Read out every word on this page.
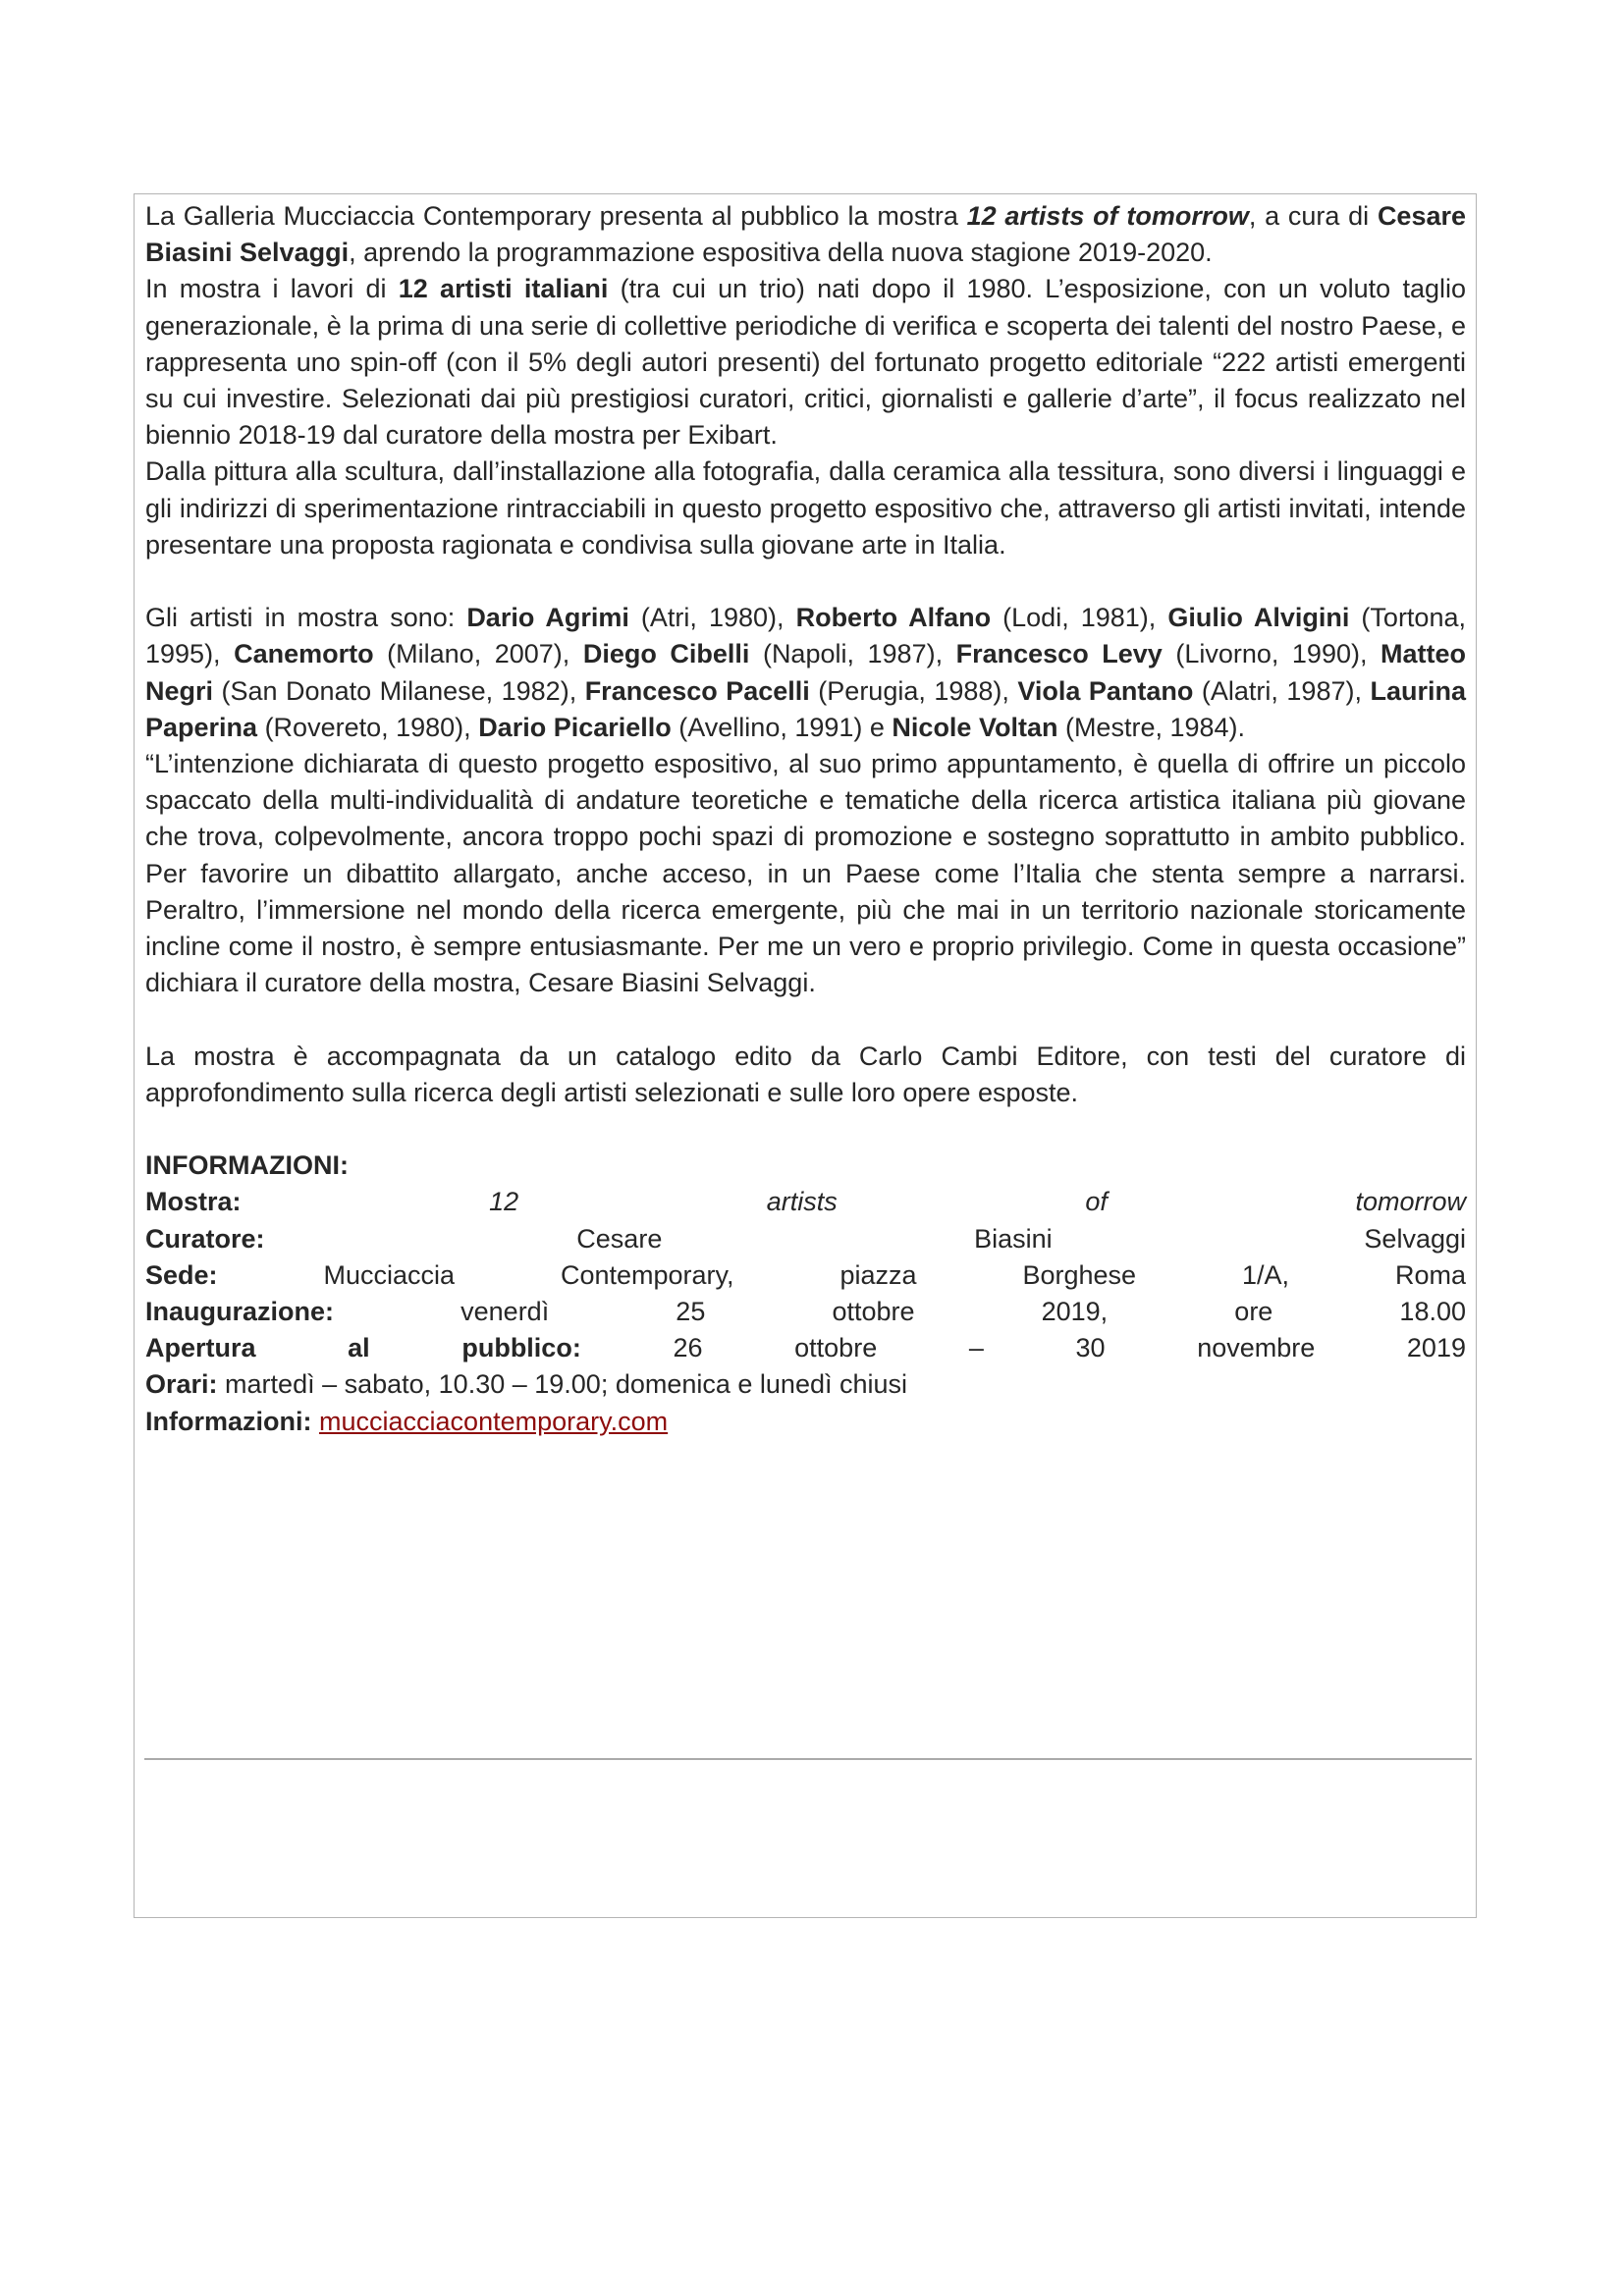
La Galleria Mucciaccia Contemporary presenta al pubblico la mostra 12 artists of tomorrow, a cura di Cesare Biasini Selvaggi, aprendo la programmazione espositiva della nuova stagione 2019-2020.

In mostra i lavori di 12 artisti italiani (tra cui un trio) nati dopo il 1980. L’esposizione, con un voluto taglio generazionale, è la prima di una serie di collettive periodiche di verifica e scoperta dei talenti del nostro Paese, e rappresenta uno spin-off (con il 5% degli autori presenti) del fortunato progetto editoriale “222 artisti emergenti su cui investire. Selezionati dai più prestigiosi curatori, critici, giornalisti e gallerie d’arte”, il focus realizzato nel biennio 2018-19 dal curatore della mostra per Exibart.

Dalla pittura alla scultura, dall’installazione alla fotografia, dalla ceramica alla tessitura, sono diversi i linguaggi e gli indirizzi di sperimentazione rintracciabili in questo progetto espositivo che, attraverso gli artisti invitati, intende presentare una proposta ragionata e condivisa sulla giovane arte in Italia.

Gli artisti in mostra sono: Dario Agrimi (Atri, 1980), Roberto Alfano (Lodi, 1981), Giulio Alvigini (Tortona, 1995), Canemorto (Milano, 2007), Diego Cibelli (Napoli, 1987), Francesco Levy (Livorno, 1990), Matteo Negri (San Donato Milanese, 1982), Francesco Pacelli (Perugia, 1988), Viola Pantano (Alatri, 1987), Laurina Paperina (Rovereto, 1980), Dario Picariello (Avellino, 1991) e Nicole Voltan (Mestre, 1984).

“L’intenzione dichiarata di questo progetto espositivo, al suo primo appuntamento, è quella di offrire un piccolo spaccato della multi-individualità di andature teoretiche e tematiche della ricerca artistica italiana più giovane che trova, colpevolmente, ancora troppo pochi spazi di promozione e sostegno soprattutto in ambito pubblico. Per favorire un dibattito allargato, anche acceso, in un Paese come l’Italia che stenta sempre a narrarsi. Peraltro, l’immersione nel mondo della ricerca emergente, più che mai in un territorio nazionale storicamente incline come il nostro, è sempre entusiasmante. Per me un vero e proprio privilegio. Come in questa occasione” dichiara il curatore della mostra, Cesare Biasini Selvaggi.

La mostra è accompagnata da un catalogo edito da Carlo Cambi Editore, con testi del curatore di approfondimento sulla ricerca degli artisti selezionati e sulle loro opere esposte.

INFORMAZIONI:

Mostra:	12 artists of tomorrow

Curatore:	Cesare Biasini Selvaggi

Sede:	Mucciaccia Contemporary, piazza Borghese 1/A, Roma

Inaugurazione:	venerdì 25 ottobre 2019, ore 18.00

Apertura al pubblico:	26 ottobre – 30 novembre 2019

Orari: martedì – sabato, 10.30 – 19.00; domenica e lunedì chiusi

Informazioni: mucciacciacontemporary.com
